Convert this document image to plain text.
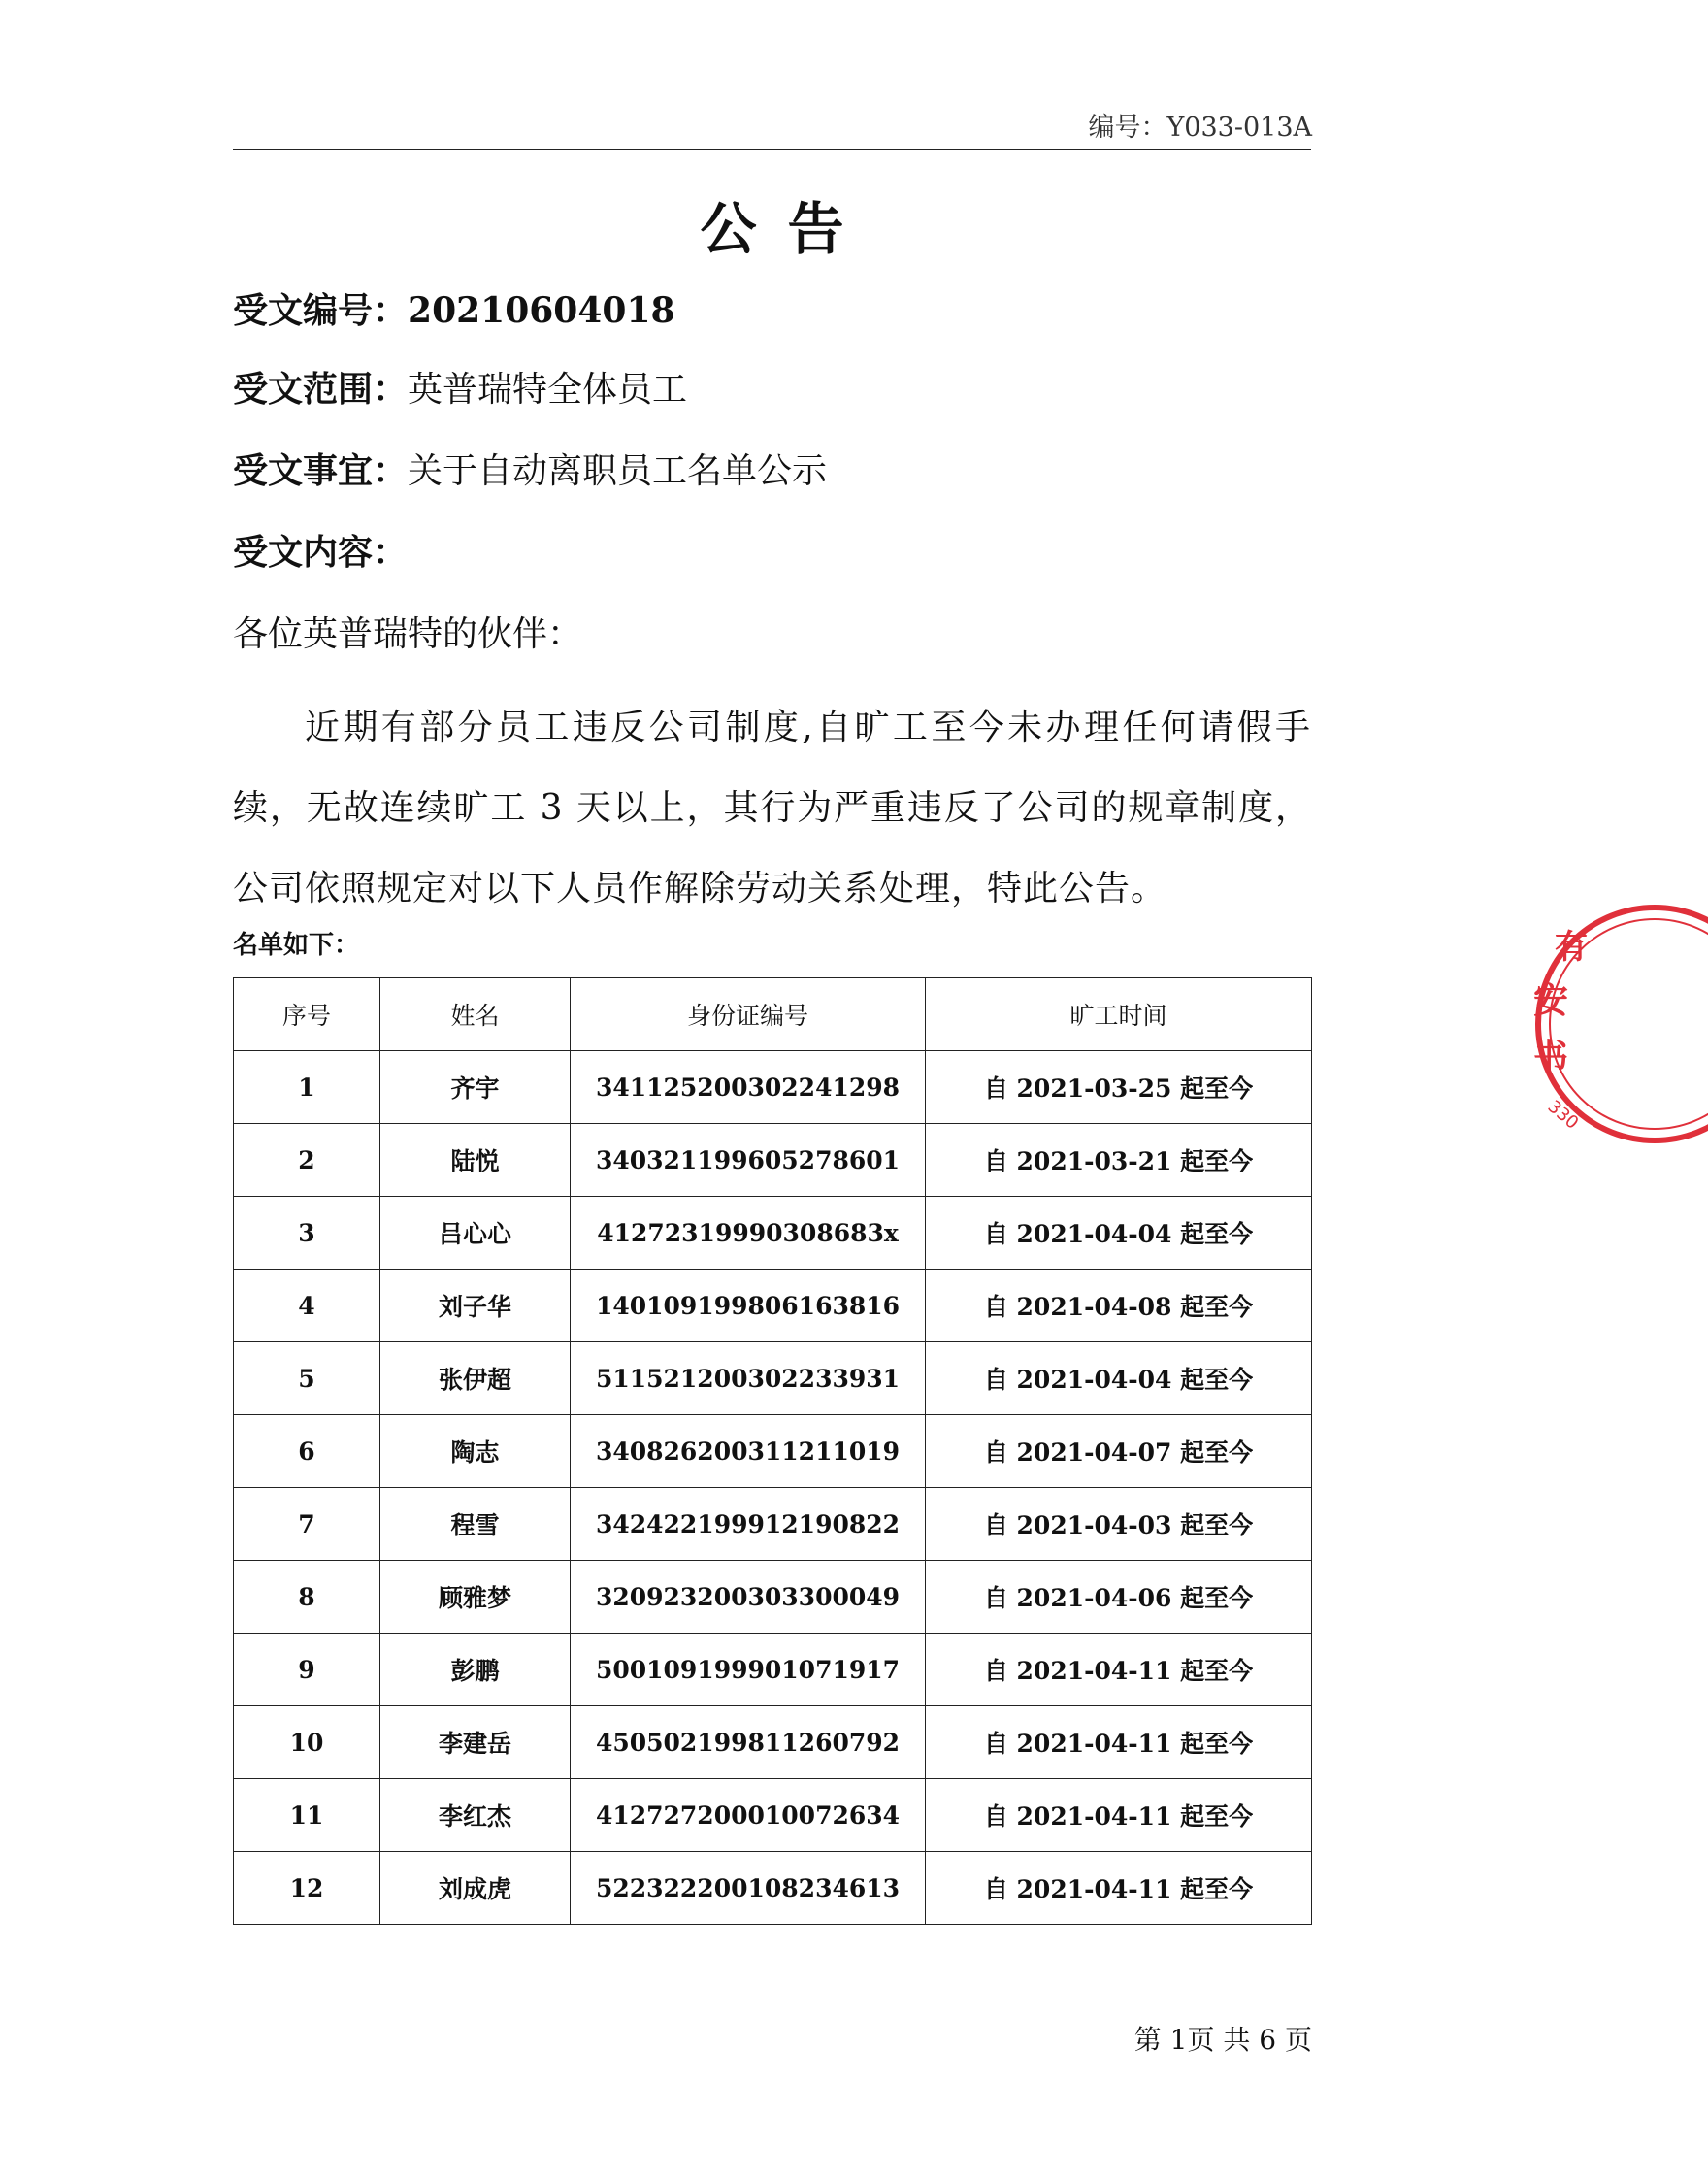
编号：Y033-013A
公告
受文编号：20210604018
受文范围：英普瑞特全体员工
受文事宜：关于自动离职员工名单公示
受文内容：
各位英普瑞特的伙伴：
近期有部分员工违反公司制度,自旷工至今未办理任何请假手续，无故连续旷工 3 天以上，其行为严重违反了公司的规章制度，公司依照规定对以下人员作解除劳动关系处理，特此公告。
名单如下：
序号	姓名	身份证编号	旷工时间
1	齐宇	341125200302241298	自 2021-03-25 起至今
2	陆悦	340321199605278601	自 2021-03-21 起至今
3	吕心心	41272319990308683x	自 2021-04-04 起至今
4	刘子华	140109199806163816	自 2021-04-08 起至今
5	张伊超	511521200302233931	自 2021-04-04 起至今
6	陶志	340826200311211019	自 2021-04-07 起至今
7	程雪	342422199912190822	自 2021-04-03 起至今
8	顾雅梦	320923200303300049	自 2021-04-06 起至今
9	彭鹏	500109199901071917	自 2021-04-11 起至今
10	李建岳	450502199811260792	自 2021-04-11 起至今
11	李红杰	412727200010072634	自 2021-04-11 起至今
12	刘成虎	522322200108234613	自 2021-04-11 起至今
第 1页 共 6 页
有
安
书
330
